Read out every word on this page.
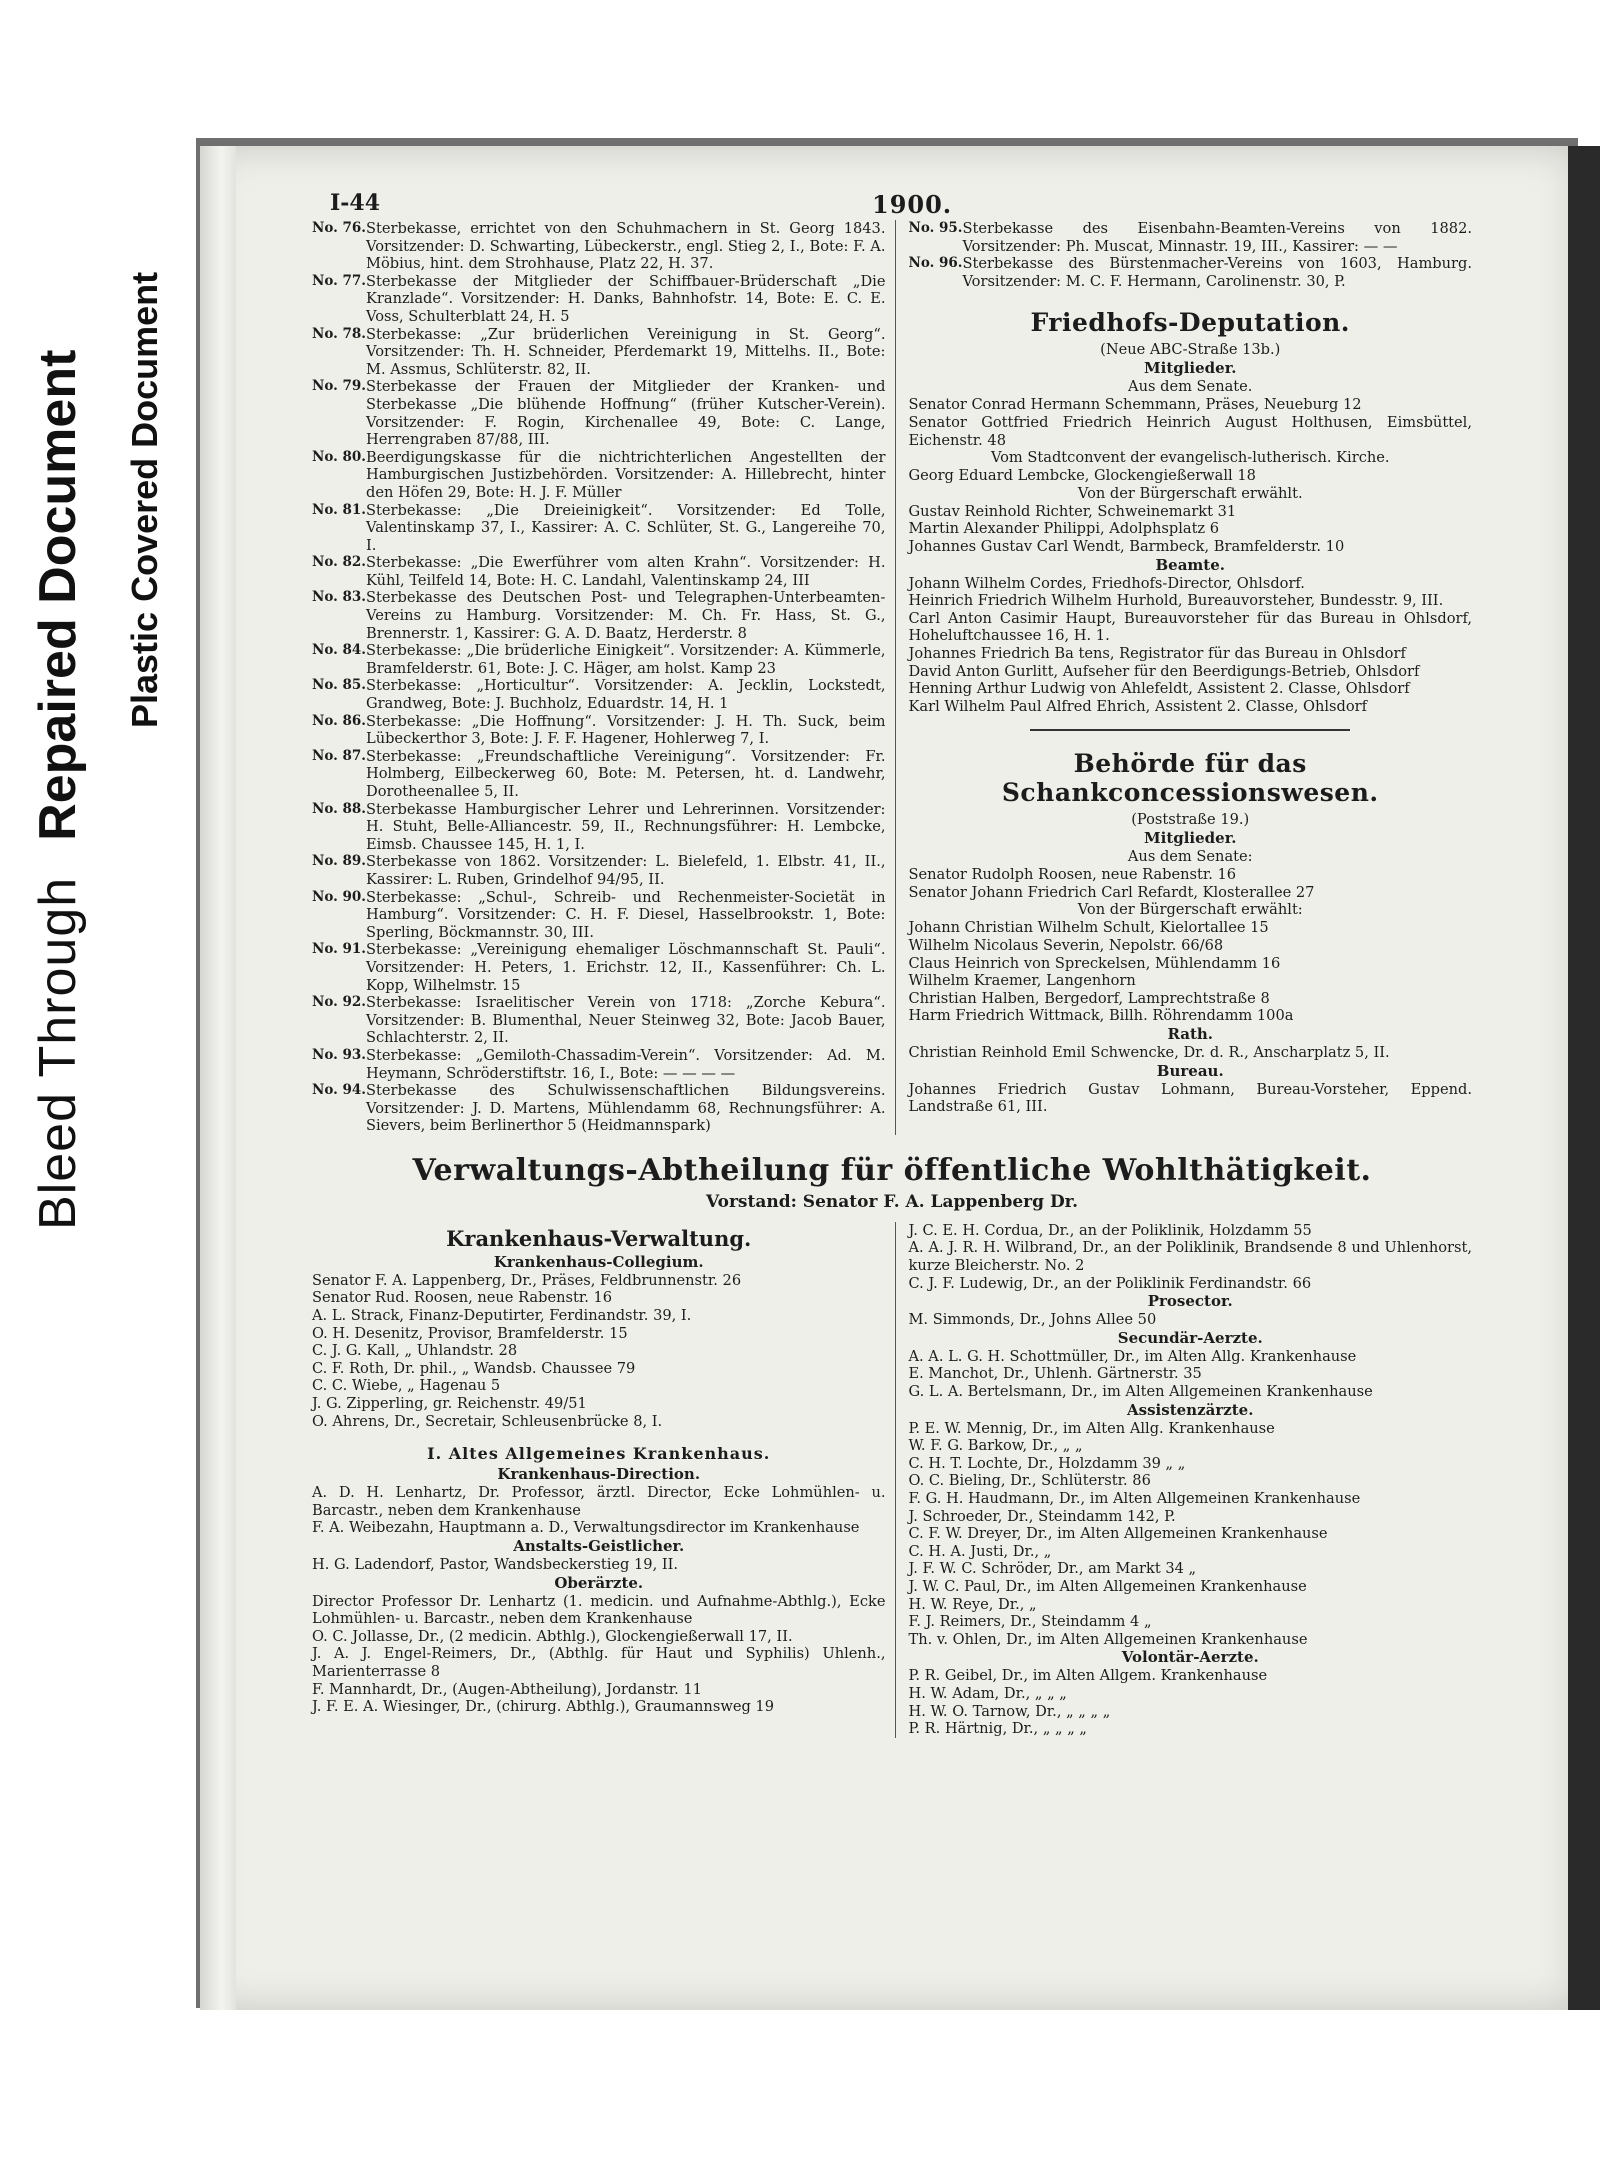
Bleed ThroughRepaired Document Plastic Covered Document
I-44	1900.
No. 76. Sterbekasse, errichtet von den Schuhmachern in St. Georg 1843. Vorsitzender: D. Schwarting, Lübeckerstr., engl. Stieg 2, I., Bote: F. A. Möbius, hint. dem Strohhause, Platz 22, H. 37.
No. 77. Sterbekasse der Mitglieder der Schiffbauer-Brüderschaft „Die Kranzlade“. Vorsitzender: H. Danks, Bahnhofstr. 14, Bote: E. C. E. Voss, Schulterblatt 24, H. 5
No. 78. Sterbekasse: „Zur brüderlichen Vereinigung in St. Georg“. Vorsitzender: Th. H. Schneider, Pferdemarkt 19, Mittelhs. II., Bote: M. Assmus, Schlüterstr. 82, II.
No. 79. Sterbekasse der Frauen der Mitglieder der Kranken- und Sterbekasse „Die blühende Hoffnung“ (früher Kutscher-Verein). Vorsitzender: F. Rogin, Kirchenallee 49, Bote: C. Lange, Herrengraben 87/88, III.
No. 80. Beerdigungskasse für die nichtrichterlichen Angestellten der Hamburgischen Justizbehörden. Vorsitzender: A. Hillebrecht, hinter den Höfen 29, Bote: H. J. F. Müller
No. 81. Sterbekasse: „Die Dreieinigkeit“. Vorsitzender: Ed Tolle, Valentinskamp 37, I., Kassirer: A. C. Schlüter, St. G., Langereihe 70, I.
No. 82. Sterbekasse: „Die Ewerführer vom alten Krahn“. Vorsitzender: H. Kühl, Teilfeld 14, Bote: H. C. Landahl, Valentinskamp 24, III
No. 83. Sterbekasse des Deutschen Post- und Telegraphen-Unterbeamten-Vereins zu Hamburg. Vorsitzender: M. Ch. Fr. Hass, St. G., Brennerstr. 1, Kassirer: G. A. D. Baatz, Herderstr. 8
No. 84. Sterbekasse: „Die brüderliche Einigkeit“. Vorsitzender: A. Kümmerle, Bramfelderstr. 61, Bote: J. C. Häger, am holst. Kamp 23
No. 85. Sterbekasse: „Horticultur“. Vorsitzender: A. Jecklin, Lockstedt, Grandweg, Bote: J. Buchholz, Eduardstr. 14, H. 1
No. 86. Sterbekasse: „Die Hoffnung“. Vorsitzender: J. H. Th. Suck, beim Lübeckerthor 3, Bote: J. F. F. Hagener, Hohlerweg 7, I.
No. 87. Sterbekasse: „Freundschaftliche Vereinigung“. Vorsitzender: Fr. Holmberg, Eilbeckerweg 60, Bote: M. Petersen, ht. d. Landwehr, Dorotheenallee 5, II.
No. 88. Sterbekasse Hamburgischer Lehrer und Lehrerinnen. Vorsitzender: H. Stuht, Belle-Alliancestr. 59, II., Rechnungsführer: H. Lembcke, Eimsb. Chaussee 145, H. 1, I.
No. 89. Sterbekasse von 1862. Vorsitzender: L. Bielefeld, 1. Elbstr. 41, II., Kassirer: L. Ruben, Grindelhof 94/95, II.
No. 90. Sterbekasse: „Schul-, Schreib- und Rechenmeister-Societät in Hamburg“. Vorsitzender: C. H. F. Diesel, Hasselbrookstr. 1, Bote: Sperling, Böckmannstr. 30, III.
No. 91. Sterbekasse: „Vereinigung ehemaliger Löschmannschaft St. Pauli“. Vorsitzender: H. Peters, 1. Erichstr. 12, II., Kassenführer: Ch. L. Kopp, Wilhelmstr. 15
No. 92. Sterbekasse: Israelitischer Verein von 1718: „Zorche Kebura“. Vorsitzender: B. Blumenthal, Neuer Steinweg 32, Bote: Jacob Bauer, Schlachterstr. 2, II.
No. 93. Sterbekasse: „Gemiloth-Chassadim-Verein“. Vorsitzender: Ad. M. Heymann, Schröderstiftstr. 16, I., Bote: — — — —
No. 94. Sterbekasse des Schulwissenschaftlichen Bildungsvereins. Vorsitzender: J. D. Martens, Mühlendamm 68, Rechnungsführer: A. Sievers, beim Berlinerthor 5 (Heidmannspark)
No. 95. Sterbekasse des Eisenbahn-Beamten-Vereins von 1882. Vorsitzender: Ph. Muscat, Minnastr. 19, III., Kassirer: — —
No. 96. Sterbekasse des Bürstenmacher-Vereins von 1603, Hamburg. Vorsitzender: M. C. F. Hermann, Carolinenstr. 30, P.
Friedhofs-Deputation.
(Neue ABC-Straße 13b.)
Mitglieder.
Aus dem Senate.
Senator Conrad Hermann Schemmann, Präses, Neueburg 12
Senator Gottfried Friedrich Heinrich August Holthusen, Eimsbüttel, Eichenstr. 48
Vom Stadtconvent der evangelisch-lutherisch. Kirche.
Georg Eduard Lembcke, Glockengießerwall 18
Von der Bürgerschaft erwählt.
Gustav Reinhold Richter, Schweinemarkt 31
Martin Alexander Philippi, Adolphsplatz 6
Johannes Gustav Carl Wendt, Barmbeck, Bramfelderstr. 10
Beamte.
Johann Wilhelm Cordes, Friedhofs-Director, Ohlsdorf.
Heinrich Friedrich Wilhelm Hurhold, Bureauvorsteher, Bundesstr. 9, III.
Carl Anton Casimir Haupt, Bureauvorsteher für das Bureau in Ohlsdorf, Hoheluftchaussee 16, H. 1.
Johannes Friedrich Ba tens, Registrator für das Bureau in Ohlsdorf
David Anton Gurlitt, Aufseher für den Beerdigungs-Betrieb, Ohlsdorf
Henning Arthur Ludwig von Ahlefeldt, Assistent 2. Classe, Ohlsdorf
Karl Wilhelm Paul Alfred Ehrich, Assistent 2. Classe, Ohlsdorf
Behörde für das Schankconcessionswesen.
(Poststraße 19.)
Mitglieder.
Aus dem Senate:
Senator Rudolph Roosen, neue Rabenstr. 16
Senator Johann Friedrich Carl Refardt, Klosterallee 27
Von der Bürgerschaft erwählt:
Johann Christian Wilhelm Schult, Kielortallee 15
Wilhelm Nicolaus Severin, Nepolstr. 66/68
Claus Heinrich von Spreckelsen, Mühlendamm 16
Wilhelm Kraemer, Langenhorn
Christian Halben, Bergedorf, Lamprechtstraße 8
Harm Friedrich Wittmack, Billh. Röhrendamm 100a
Rath.
Christian Reinhold Emil Schwencke, Dr. d. R., Anscharplatz 5, II.
Bureau.
Johannes Friedrich Gustav Lohmann, Bureau-Vorsteher, Eppend. Landstraße 61, III.
Verwaltungs-Abtheilung für öffentliche Wohlthätigkeit.
Vorstand: Senator F. A. Lappenberg Dr.
Krankenhaus-Verwaltung.
Krankenhaus-Collegium.
Senator F. A. Lappenberg, Dr., Präses, Feldbrunnenstr. 26
Senator Rud. Roosen, neue Rabenstr. 16
A. L. Strack, Finanz-Deputirter, Ferdinandstr. 39, I.
O. H. Desenitz, Provisor, Bramfelderstr. 15
C. J. G. Kall, „ Uhlandstr. 28
C. F. Roth, Dr. phil., „ Wandsb. Chaussee 79
C. C. Wiebe, „ Hagenau 5
J. G. Zipperling, gr. Reichenstr. 49/51
O. Ahrens, Dr., Secretair, Schleusenbrücke 8, I.
I. Altes Allgemeines Krankenhaus.
Krankenhaus-Direction.
A. D. H. Lenhartz, Dr. Professor, ärztl. Director, Ecke Lohmühlen- u. Barcastr., neben dem Krankenhause
F. A. Weibezahn, Hauptmann a. D., Verwaltungsdirector im Krankenhause
Anstalts-Geistlicher.
H. G. Ladendorf, Pastor, Wandsbeckerstieg 19, II.
Oberärzte.
Director Professor Dr. Lenhartz (1. medicin. und Aufnahme-Abthlg.), Ecke Lohmühlen- u. Barcastr., neben dem Krankenhause
O. C. Jollasse, Dr., (2 medicin. Abthlg.), Glockengießerwall 17, II.
J. A. J. Engel-Reimers, Dr., (Abthlg. für Haut und Syphilis) Uhlenh., Marienterrasse 8
F. Mannhardt, Dr., (Augen-Abtheilung), Jordanstr. 11
J. F. E. A. Wiesinger, Dr., (chirurg. Abthlg.), Graumannsweg 19
J. C. E. H. Cordua, Dr., an der Poliklinik, Holzdamm 55
A. A. J. R. H. Wilbrand, Dr., an der Poliklinik, Brandsende 8 und Uhlenhorst, kurze Bleicherstr. No. 2
C. J. F. Ludewig, Dr., an der Poliklinik Ferdinandstr. 66
Prosector.
M. Simmonds, Dr., Johns Allee 50
Secundär-Aerzte.
A. A. L. G. H. Schottmüller, Dr., im Alten Allg. Krankenhause
E. Manchot, Dr., Uhlenh. Gärtnerstr. 35
G. L. A. Bertelsmann, Dr., im Alten Allgemeinen Krankenhause
Assistenzärzte.
P. E. W. Mennig, Dr., im Alten Allg. Krankenhause
W. F. G. Barkow, Dr., „ „
C. H. T. Lochte, Dr., Holzdamm 39 „ „
O. C. Bieling, Dr., Schlüterstr. 86
F. G. H. Haudmann, Dr., im Alten Allgemeinen Krankenhause
J. Schroeder, Dr., Steindamm 142, P.
C. F. W. Dreyer, Dr., im Alten Allgemeinen Krankenhause
C. H. A. Justi, Dr., „
J. F. W. C. Schröder, Dr., am Markt 34 „
J. W. C. Paul, Dr., im Alten Allgemeinen Krankenhause
H. W. Reye, Dr., „
F. J. Reimers, Dr., Steindamm 4 „
Th. v. Ohlen, Dr., im Alten Allgemeinen Krankenhause
Volontär-Aerzte.
P. R. Geibel, Dr., im Alten Allgem. Krankenhause
H. W. Adam, Dr., „ „ „
H. W. O. Tarnow, Dr., „ „ „ „
P. R. Härtnig, Dr., „ „ „ „
